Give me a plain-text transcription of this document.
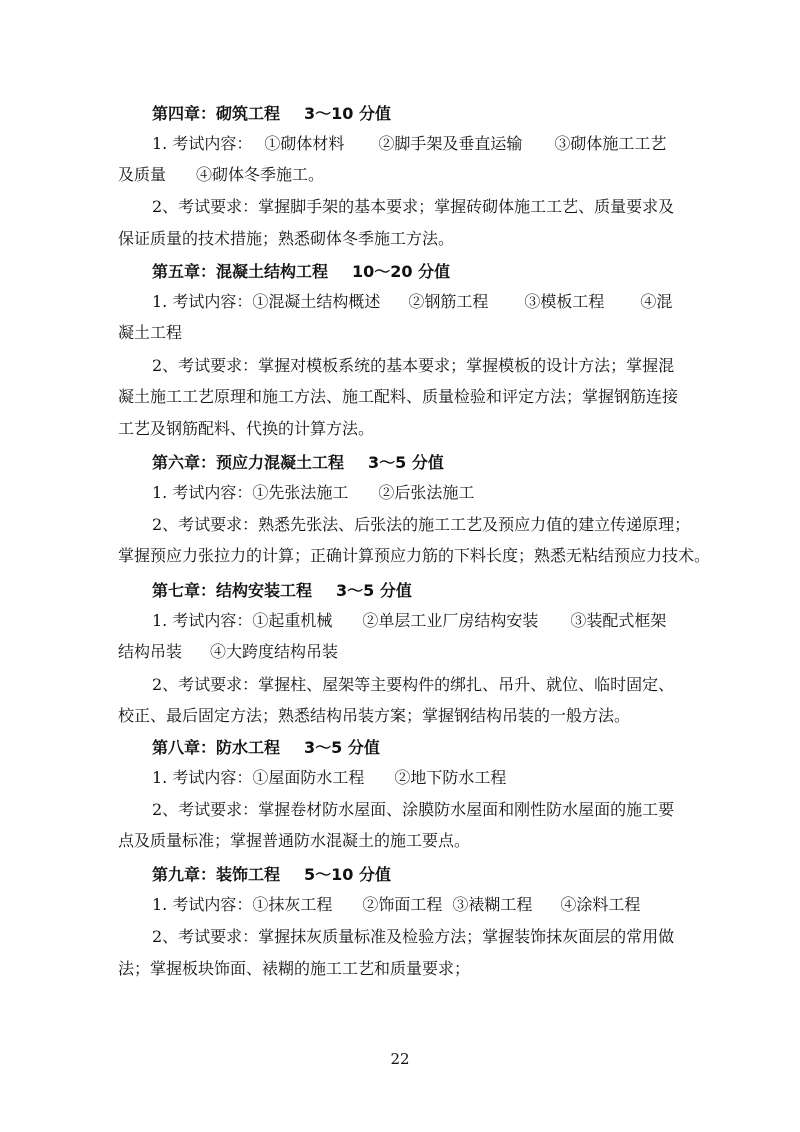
第四章：砌筑工程 3～10 分值
1. 考试内容： ①砌体材料 ②脚手架及垂直运输 ③砌体施工工艺
及质量 ④砌体冬季施工。
2、考试要求：掌握脚手架的基本要求；掌握砖砌体施工工艺、质量要求及
保证质量的技术措施；熟悉砌体冬季施工方法。
第五章：混凝土结构工程 10～20 分值
1. 考试内容：①混凝土结构概述 ②钢筋工程 ③模板工程 ④混
凝土工程
2、考试要求：掌握对模板系统的基本要求；掌握模板的设计方法；掌握混
凝土施工工艺原理和施工方法、施工配料、质量检验和评定方法；掌握钢筋连接
工艺及钢筋配料、代换的计算方法。
第六章：预应力混凝土工程 3～5 分值
1. 考试内容：①先张法施工 ②后张法施工
2、考试要求：熟悉先张法、后张法的施工工艺及预应力值的建立传递原理；
掌握预应力张拉力的计算；正确计算预应力筋的下料长度；熟悉无粘结预应力技术。
第七章：结构安装工程 3～5 分值
1. 考试内容：①起重机械 ②单层工业厂房结构安装 ③装配式框架
结构吊装 ④大跨度结构吊装
2、考试要求：掌握柱、屋架等主要构件的绑扎、吊升、就位、临时固定、
校正、最后固定方法；熟悉结构吊装方案；掌握钢结构吊装的一般方法。
第八章：防水工程 3～5 分值
1. 考试内容：①屋面防水工程 ②地下防水工程
2、考试要求：掌握卷材防水屋面、涂膜防水屋面和刚性防水屋面的施工要
点及质量标准；掌握普通防水混凝土的施工要点。
第九章：装饰工程 5～10 分值
1. 考试内容：①抹灰工程 ②饰面工程 ③裱糊工程 ④涂料工程
2、考试要求：掌握抹灰质量标准及检验方法；掌握装饰抹灰面层的常用做
法；掌握板块饰面、裱糊的施工工艺和质量要求；
22
